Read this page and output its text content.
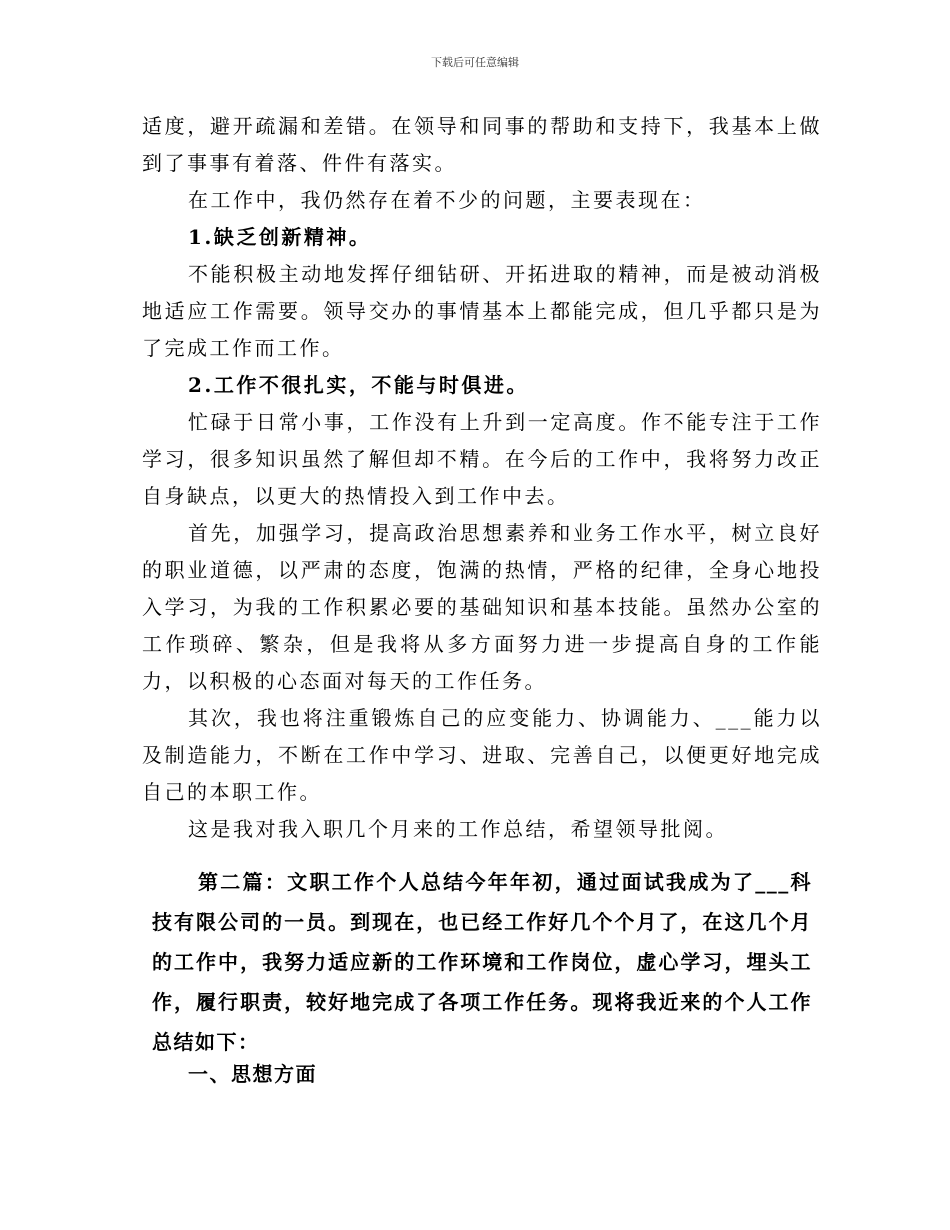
下载后可任意编辑

适度，避开疏漏和差错。在领导和同事的帮助和支持下，我基本上做到了事事有着落、件件有落实。

在工作中，我仍然存在着不少的问题，主要表现在：

1.缺乏创新精神。

不能积极主动地发挥仔细钻研、开拓进取的精神，而是被动消极地适应工作需要。领导交办的事情基本上都能完成，但几乎都只是为了完成工作而工作。

2.工作不很扎实，不能与时俱进。

忙碌于日常小事，工作没有上升到一定高度。作不能专注于工作学习，很多知识虽然了解但却不精。在今后的工作中，我将努力改正自身缺点，以更大的热情投入到工作中去。

首先，加强学习，提高政治思想素养和业务工作水平，树立良好的职业道德，以严肃的态度，饱满的热情，严格的纪律，全身心地投入学习，为我的工作积累必要的基础知识和基本技能。虽然办公室的工作琐碎、繁杂，但是我将从多方面努力进一步提高自身的工作能力，以积极的心态面对每天的工作任务。

其次，我也将注重锻炼自己的应变能力、协调能力、___能力以及制造能力，不断在工作中学习、进取、完善自己，以便更好地完成自己的本职工作。

这是我对我入职几个月来的工作总结，希望领导批阅。

第二篇：文职工作个人总结今年年初，通过面试我成为了___科技有限公司的一员。到现在，也已经工作好几个个月了，在这几个月的工作中，我努力适应新的工作环境和工作岗位，虚心学习，埋头工作，履行职责，较好地完成了各项工作任务。现将我近来的个人工作总结如下：

一、思想方面
